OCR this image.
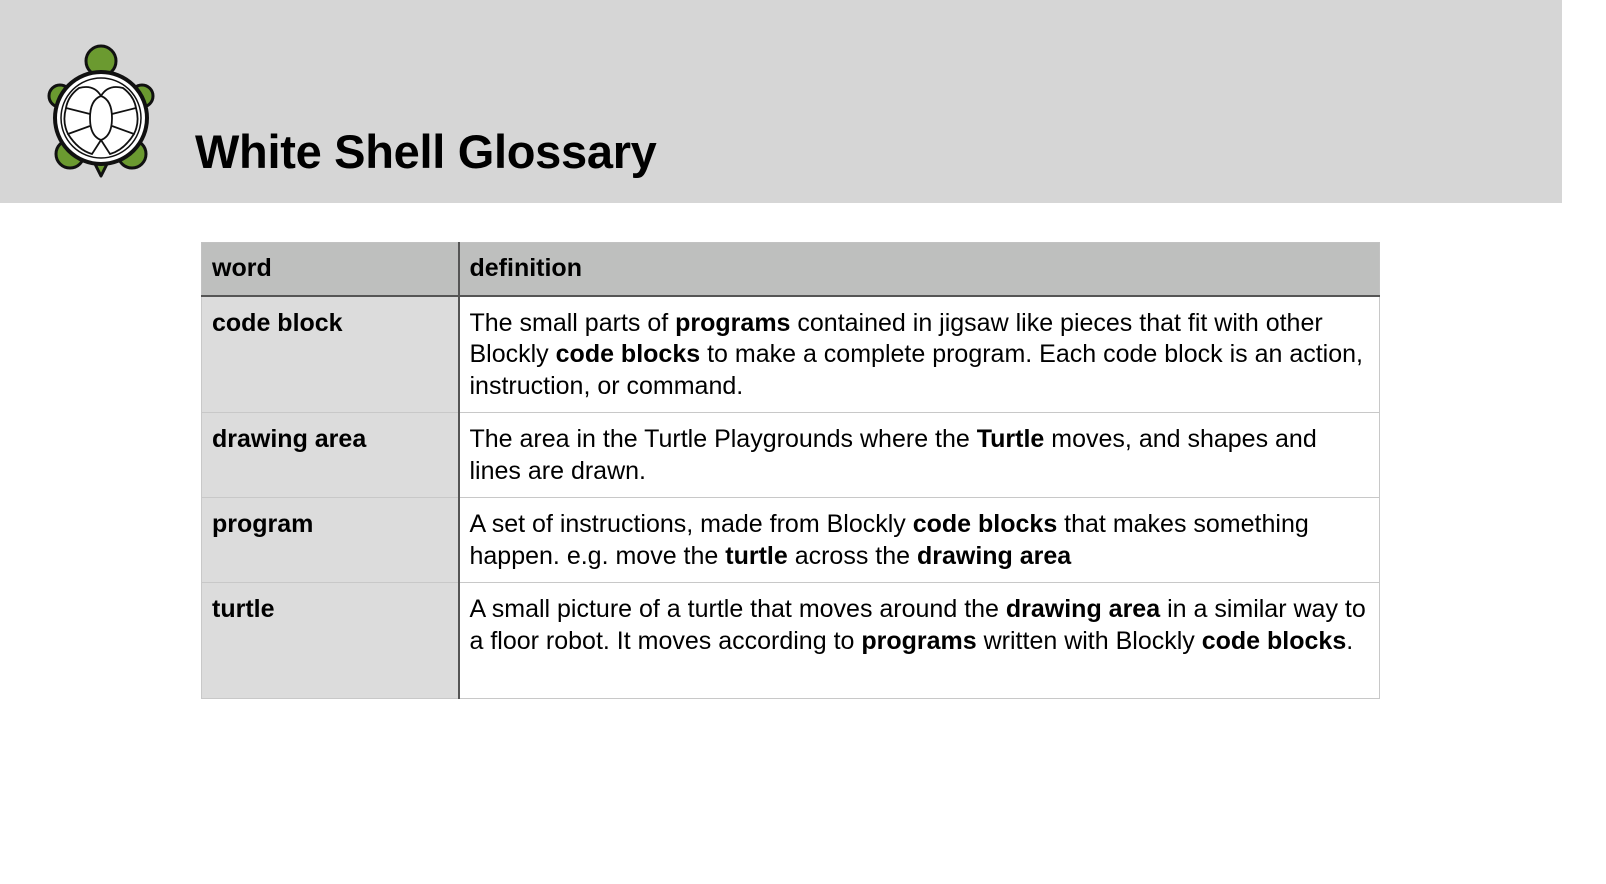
White Shell Glossary
word	definition
code block	The small parts of programs contained in jigsaw like pieces that fit with other Blockly code blocks to make a complete program. Each code block is an action, instruction, or command.
drawing area	The area in the Turtle Playgrounds where the Turtle moves, and shapes and lines are drawn.
program	A set of instructions, made from Blockly code blocks that makes something happen. e.g. move the turtle across the drawing area
turtle	A small picture of a turtle that moves around the drawing area in a similar way to a floor robot. It moves according to programs written with Blockly code blocks.
